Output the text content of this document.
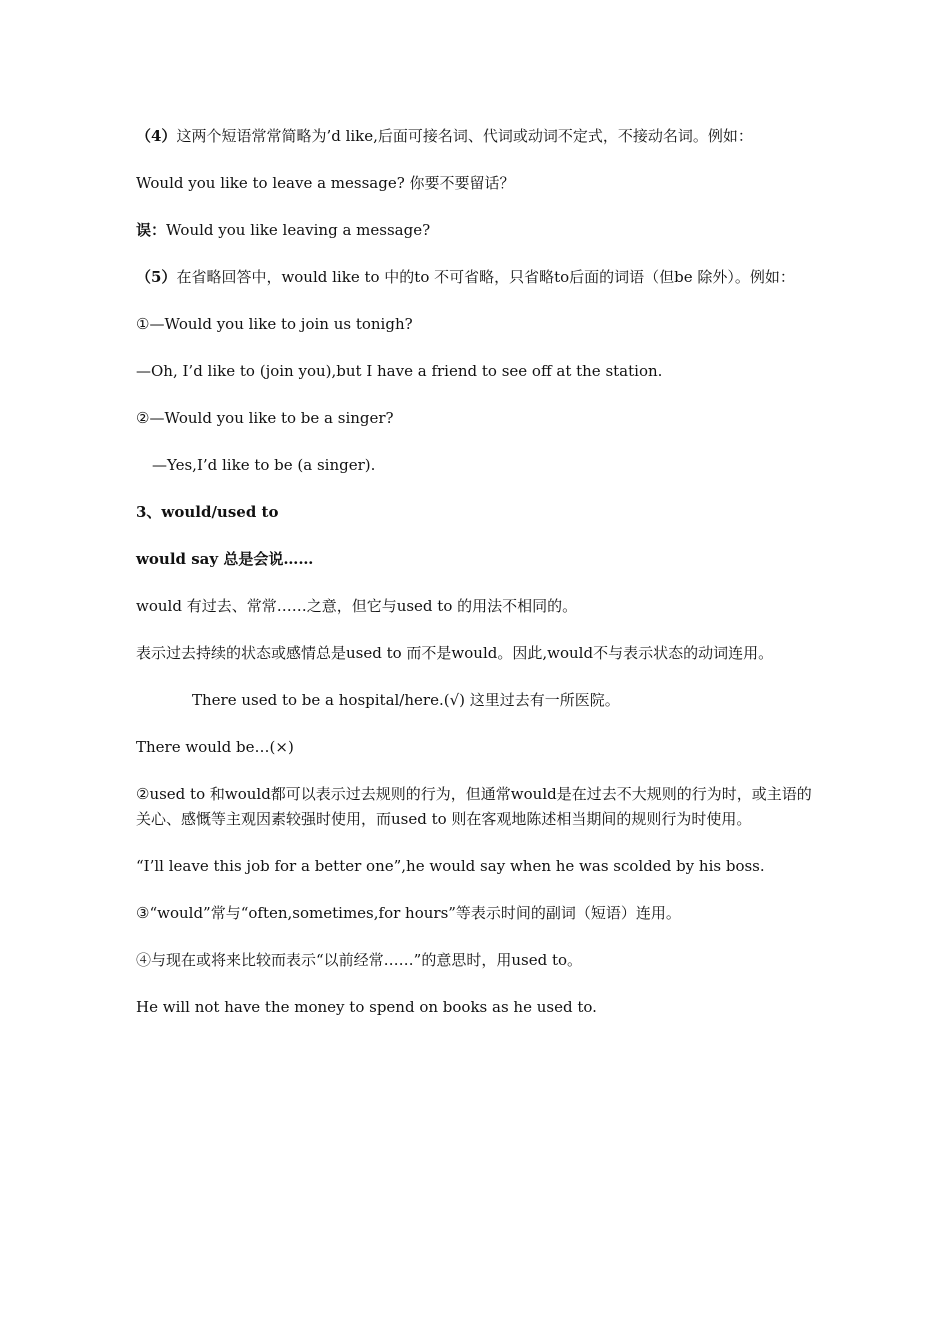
（4）这两个短语常常简略为’d like,后面可接名词、代词或动词不定式，不接动名词。例如：

Would you like to leave a message? 你要不要留话？

误：Would you like leaving a message?

（5）在省略回答中，would like to 中的to 不可省略，只省略to后面的词语（但be 除外）。例如：

①—Would you like to join us tonigh?

—Oh, I’d like to (join you),but I have a friend to see off at the station.

②—Would you like to be a singer?

—Yes,I’d like to be (a singer).

3、would/used to

would say 总是会说……

would 有过去、常常……之意，但它与used to 的用法不相同的。

表示过去持续的状态或感情总是used to 而不是would。因此,would不与表示状态的动词连用。

There used to be a hospital/here.(√) 这里过去有一所医院。

There would be…(×)

②used to 和would都可以表示过去规则的行为，但通常would是在过去不大规则的行为时，或主语的关心、感慨等主观因素较强时使用，而used to 则在客观地陈述相当期间的规则行为时使用。

“I’ll leave this job for a better one”,he would say when he was scolded by his boss.

③“would”常与“often,sometimes,for hours”等表示时间的副词（短语）连用。

④与现在或将来比较而表示“以前经常……”的意思时，用used to。

He will not have the money to spend on books as he used to.
